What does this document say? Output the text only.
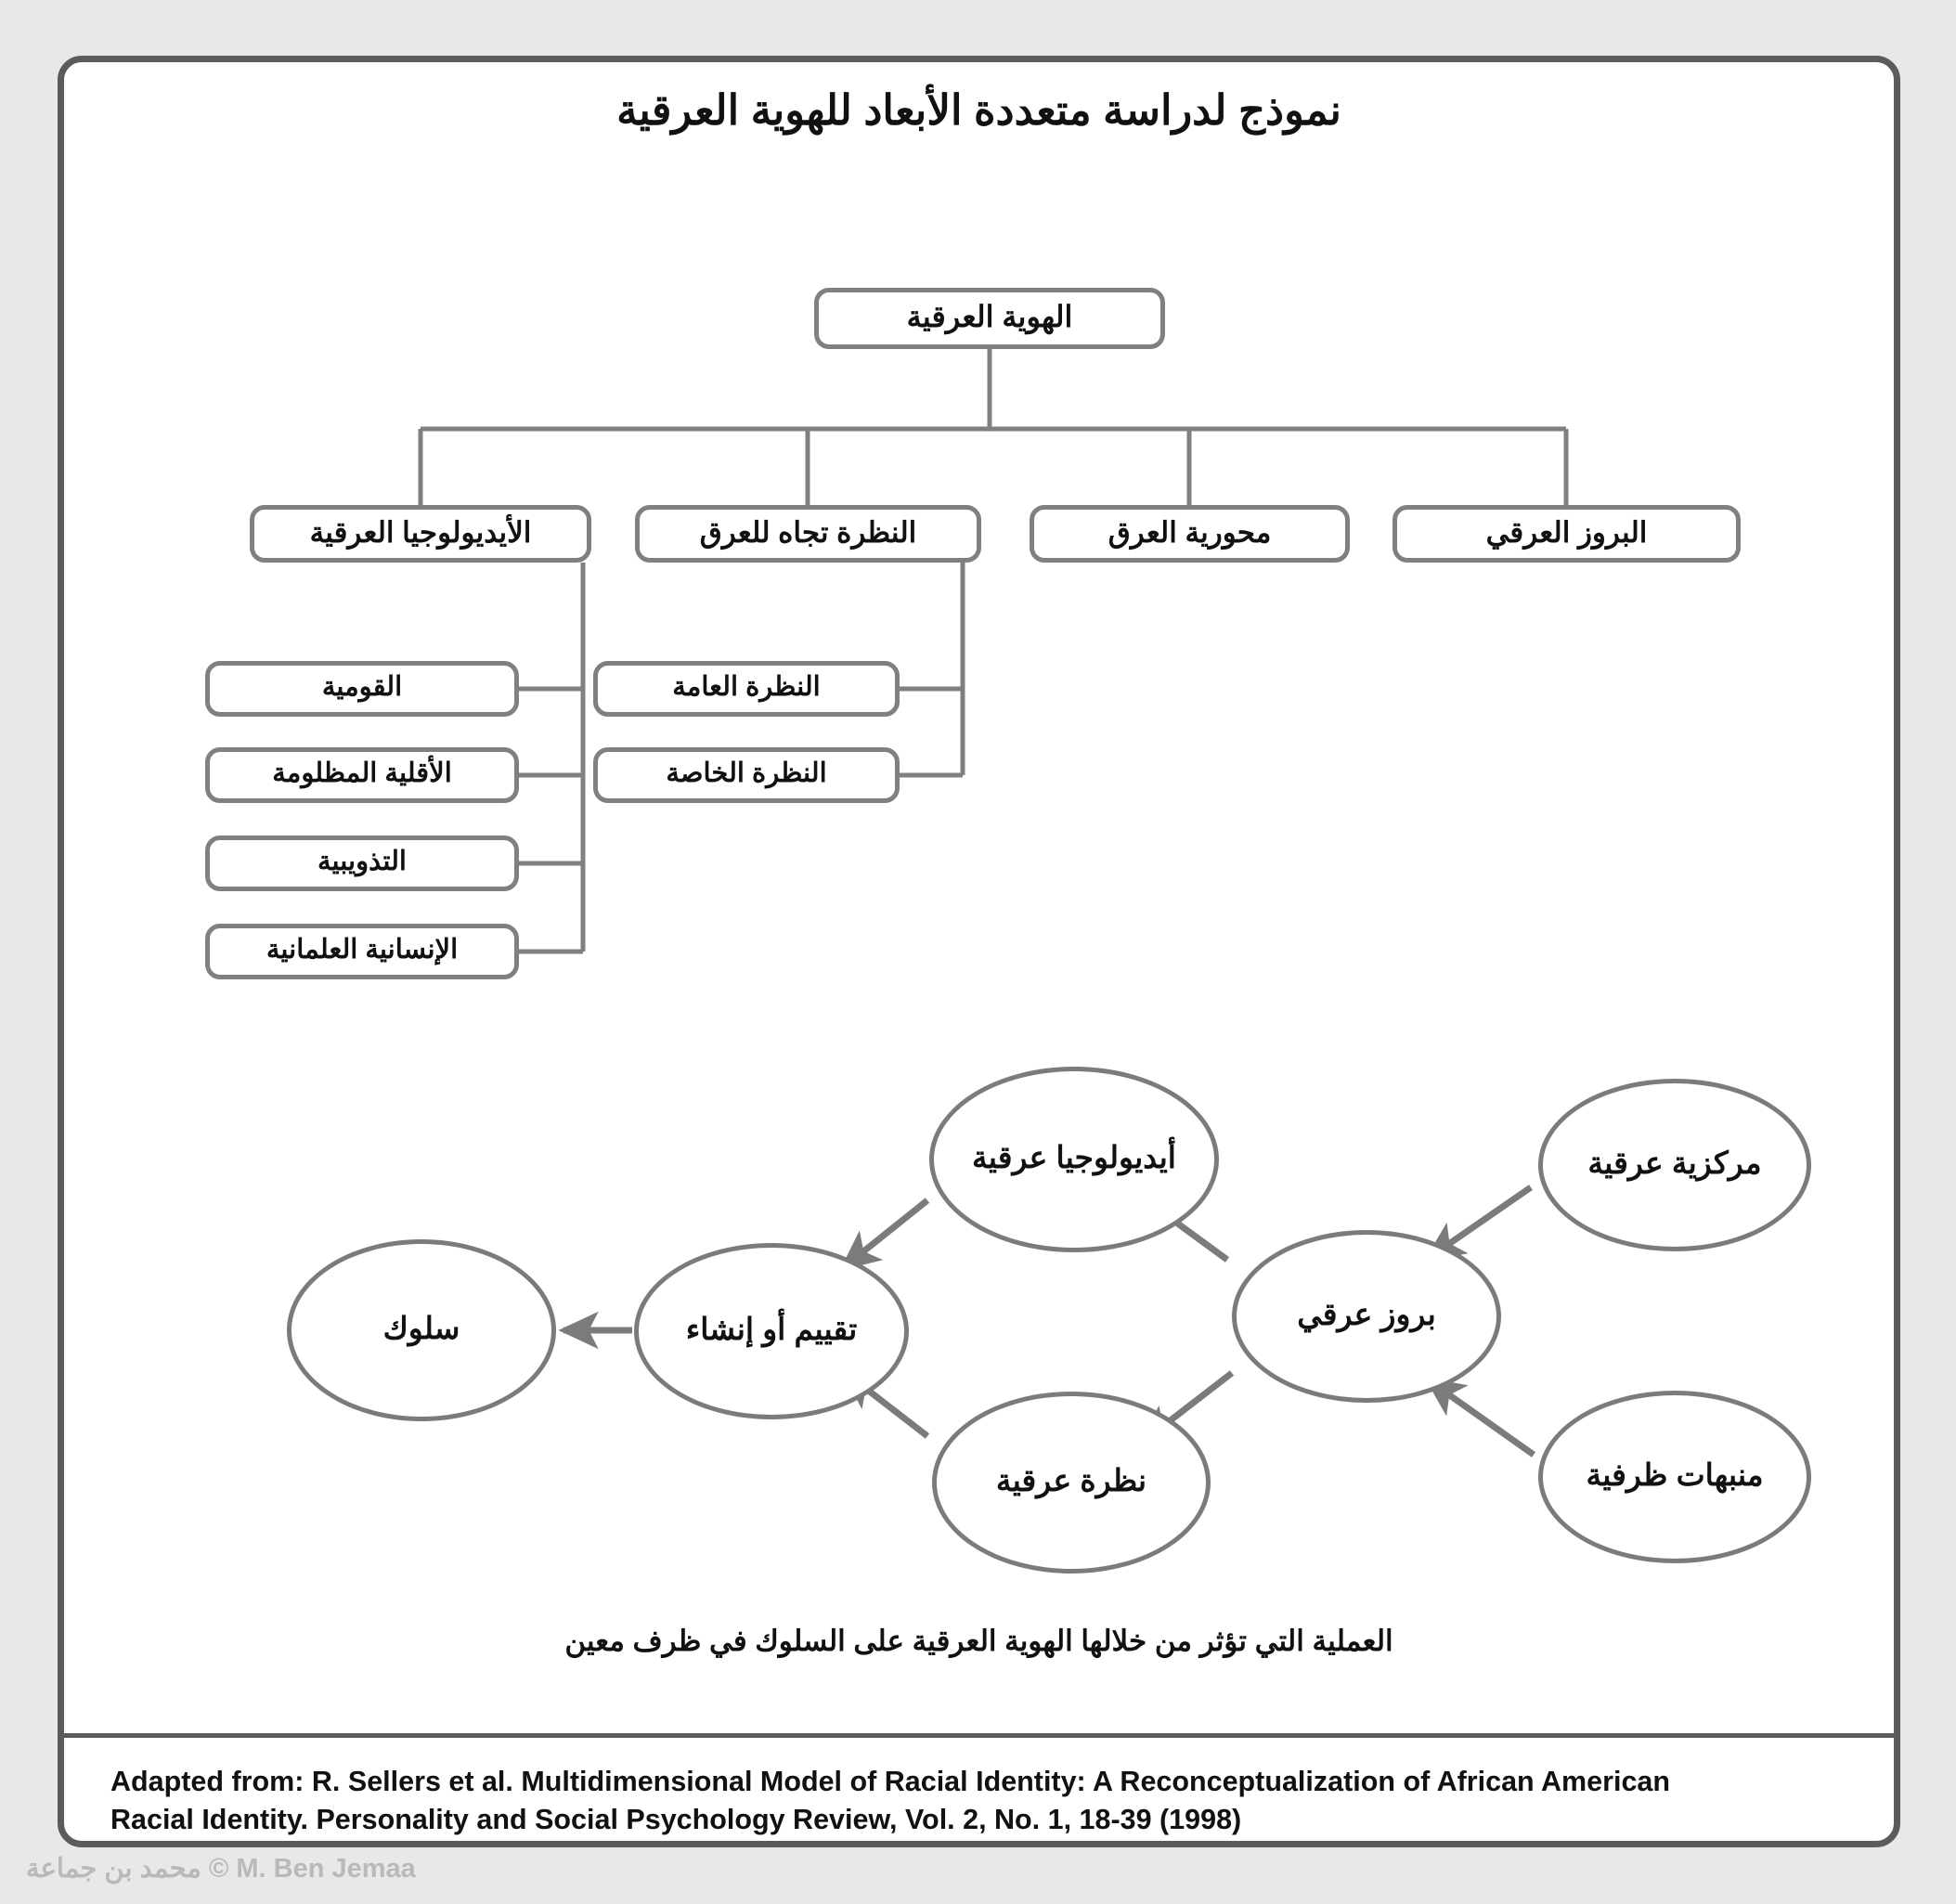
نموذج لدراسة متعددة الأبعاد للهوية العرقية
الهوية العرقية
الأيديولوجيا العرقية	النظرة تجاه للعرق	محورية العرق	البروز العرقي
القومية
الأقلية المظلومة
التذويبية
الإنسانية العلمانية
النظرة العامة
النظرة الخاصة
أيديولوجيا عرقية	مركزية عرقية
بروز عرقي
منبهات ظرفية
نظرة عرقية
تقييم أو إنشاء
سلوك
العملية التي تؤثر من خلالها الهوية العرقية على السلوك في ظرف معين
Adapted from: R. Sellers et al. Multidimensional Model of Racial Identity: A Reconceptualization of African American
Racial Identity. Personality and Social Psychology Review, Vol. 2, No. 1, 18-39 (1998)
محمد بن جماعة © M. Ben Jemaa
